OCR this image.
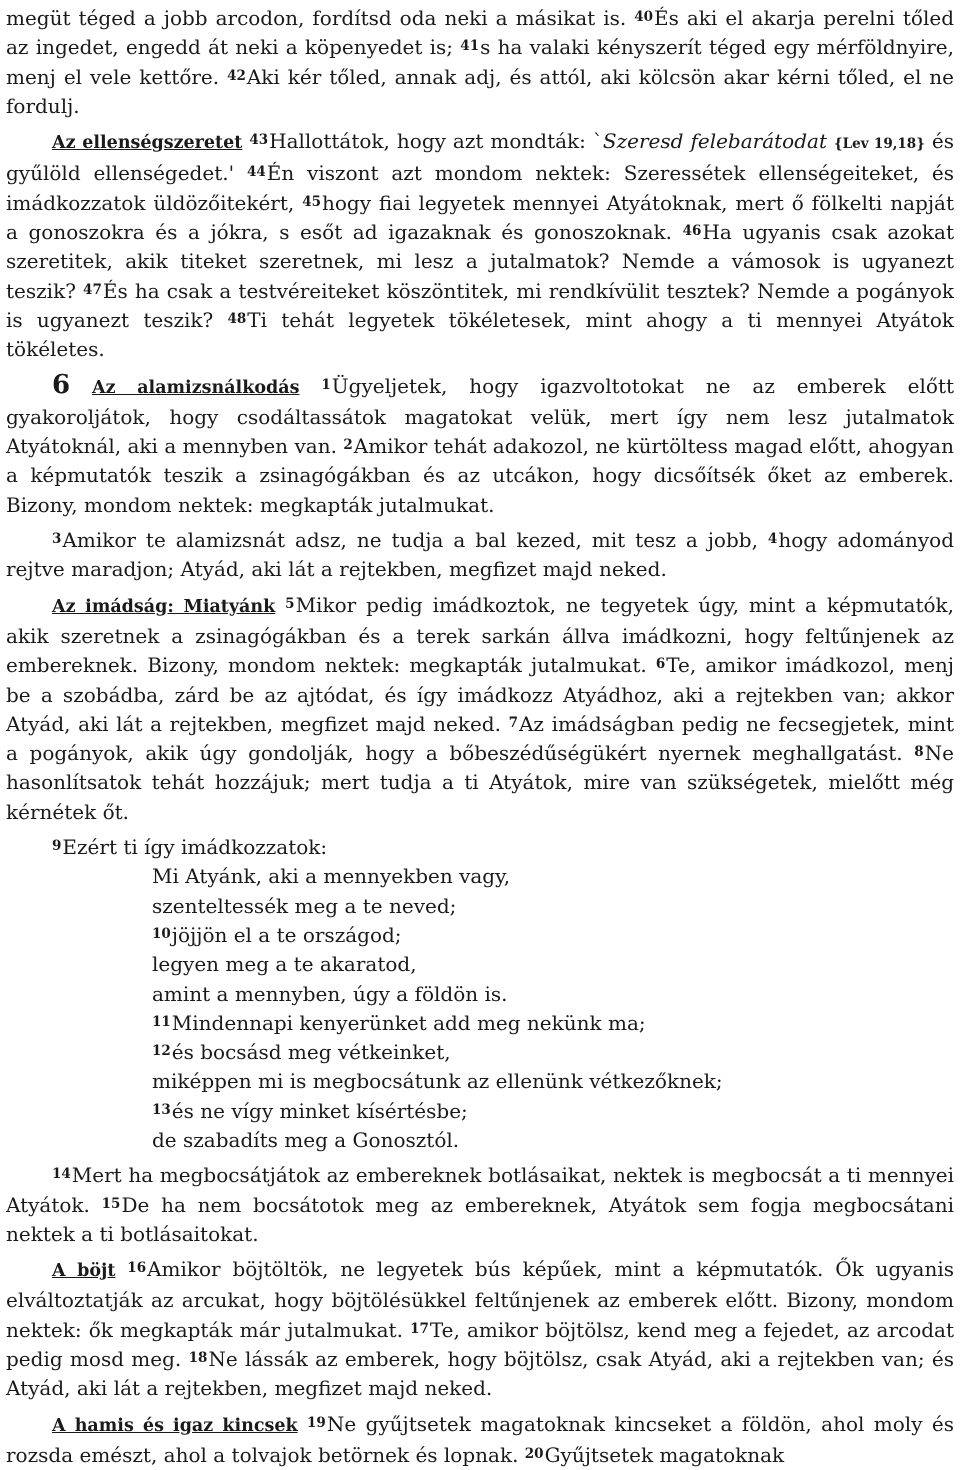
megüt téged a jobb arcodon, fordítsd oda neki a másikat is. $^{40}$És aki el akarja perelni tőled az ingedet, engedd át neki a köpenyedet is; $^{41}$s ha valaki kényszerít téged egy mérföldnyire, menj el vele kettőre. $^{42}$Aki kér tőled, annak adj, és attól, aki kölcsön akar kérni tőled, el ne fordulj.

Az ellenségszeretet $^{43}$Hallottátok, hogy azt mondták: `Szeresd felebarátodat {Lev 19,18} és gyűlöld ellenségedet.' $^{44}$Én viszont azt mondom nektek: Szeressétek ellenségeiteket, és imádkozzatok üldözőitekért, $^{45}$hogy fiai legyetek mennyei Atyátoknak, mert ő fölkelti napját a gonoszokra és a jókra, s esőt ad igazaknak és gonoszoknak. $^{46}$Ha ugyanis csak azokat szeretitek, akik titeket szeretnek, mi lesz a jutalmatok? Nemde a vámosok is ugyanezt teszik? $^{47}$És ha csak a testvéreiteket köszöntitek, mi rendkívülit tesztek? Nemde a pogányok is ugyanezt teszik? $^{48}$Ti tehát legyetek tökéletesek, mint ahogy a ti mennyei Atyátok tökéletes.

6 Az alamizsnálkodás $^1$Ügyeljetek, hogy igazvoltotokat ne az emberek előtt gyakoroljátok, hogy csodáltassátok magatokat velük, mert így nem lesz jutalmatok Atyátoknál, aki a mennyben van. $^2$Amikor tehát adakozol, ne kürtöltess magad előtt, ahogyan a képmutatók teszik a zsinagógákban és az utcákon, hogy dicsőítsék őket az emberek. Bizony, mondom nektek: megkapták jutalmukat.

$^3$Amikor te alamizsnát adsz, ne tudja a bal kezed, mit tesz a jobb, $^4$hogy adományod rejtve maradjon; Atyád, aki lát a rejtekben, megfizet majd neked.

Az imádság: Miatyánk $^5$Mikor pedig imádkoztok, ne tegyetek úgy, mint a képmutatók, akik szeretnek a zsinagógákban és a terek sarkán állva imádkozni, hogy feltűnjenek az embereknek. Bizony, mondom nektek: megkapták jutalmukat. $^6$Te, amikor imádkozol, menj be a szobádba, zárd be az ajtódat, és így imádkozz Atyádhoz, aki a rejtekben van; akkor Atyád, aki lát a rejtekben, megfizet majd neked. $^7$Az imádságban pedig ne fecsegjetek, mint a pogányok, akik úgy gondolják, hogy a bőbeszédűségükért nyernek meghallgatást. $^8$Ne hasonlítsatok tehát hozzájuk; mert tudja a ti Atyátok, mire van szükségetek, mielőtt még kérnétek őt.

$^9$Ezért ti így imádkozzatok:

Mi Atyánk, aki a mennyekben vagy,
szenteltessék meg a te neved;
$^{10}$jöjjön el a te országod;
legyen meg a te akaratod,
amint a mennyben, úgy a földön is.
$^{11}$Mindennapi kenyerünket add meg nekünk ma;
$^{12}$és bocsásd meg vétkeinket,
miképpen mi is megbocsátunk az ellenünk vétkezőknek;
$^{13}$és ne vígy minket kísértésbe;
de szabadíts meg a Gonosztól.

$^{14}$Mert ha megbocsátjátok az embereknek botlásaikat, nektek is megbocsát a ti mennyei Atyátok. $^{15}$De ha nem bocsátotok meg az embereknek, Atyátok sem fogja megbocsátani nektek a ti botlásaitokat.

A böjt $^{16}$Amikor böjtöltök, ne legyetek bús képűek, mint a képmutatók. Ők ugyanis elváltoztatják az arcukat, hogy böjtölésükkel feltűnjenek az emberek előtt. Bizony, mondom nektek: ők megkapták már jutalmukat. $^{17}$Te, amikor böjtölsz, kend meg a fejedet, az arcodat pedig mosd meg. $^{18}$Ne lássák az emberek, hogy böjtölsz, csak Atyád, aki a rejtekben van; és Atyád, aki lát a rejtekben, megfizet majd neked.

A hamis és igaz kincsek $^{19}$Ne gyűjtsetek magatoknak kincseket a földön, ahol moly és rozsda emészt, ahol a tolvajok betörnek és lopnak. $^{20}$Gyűjtsetek magatoknak
